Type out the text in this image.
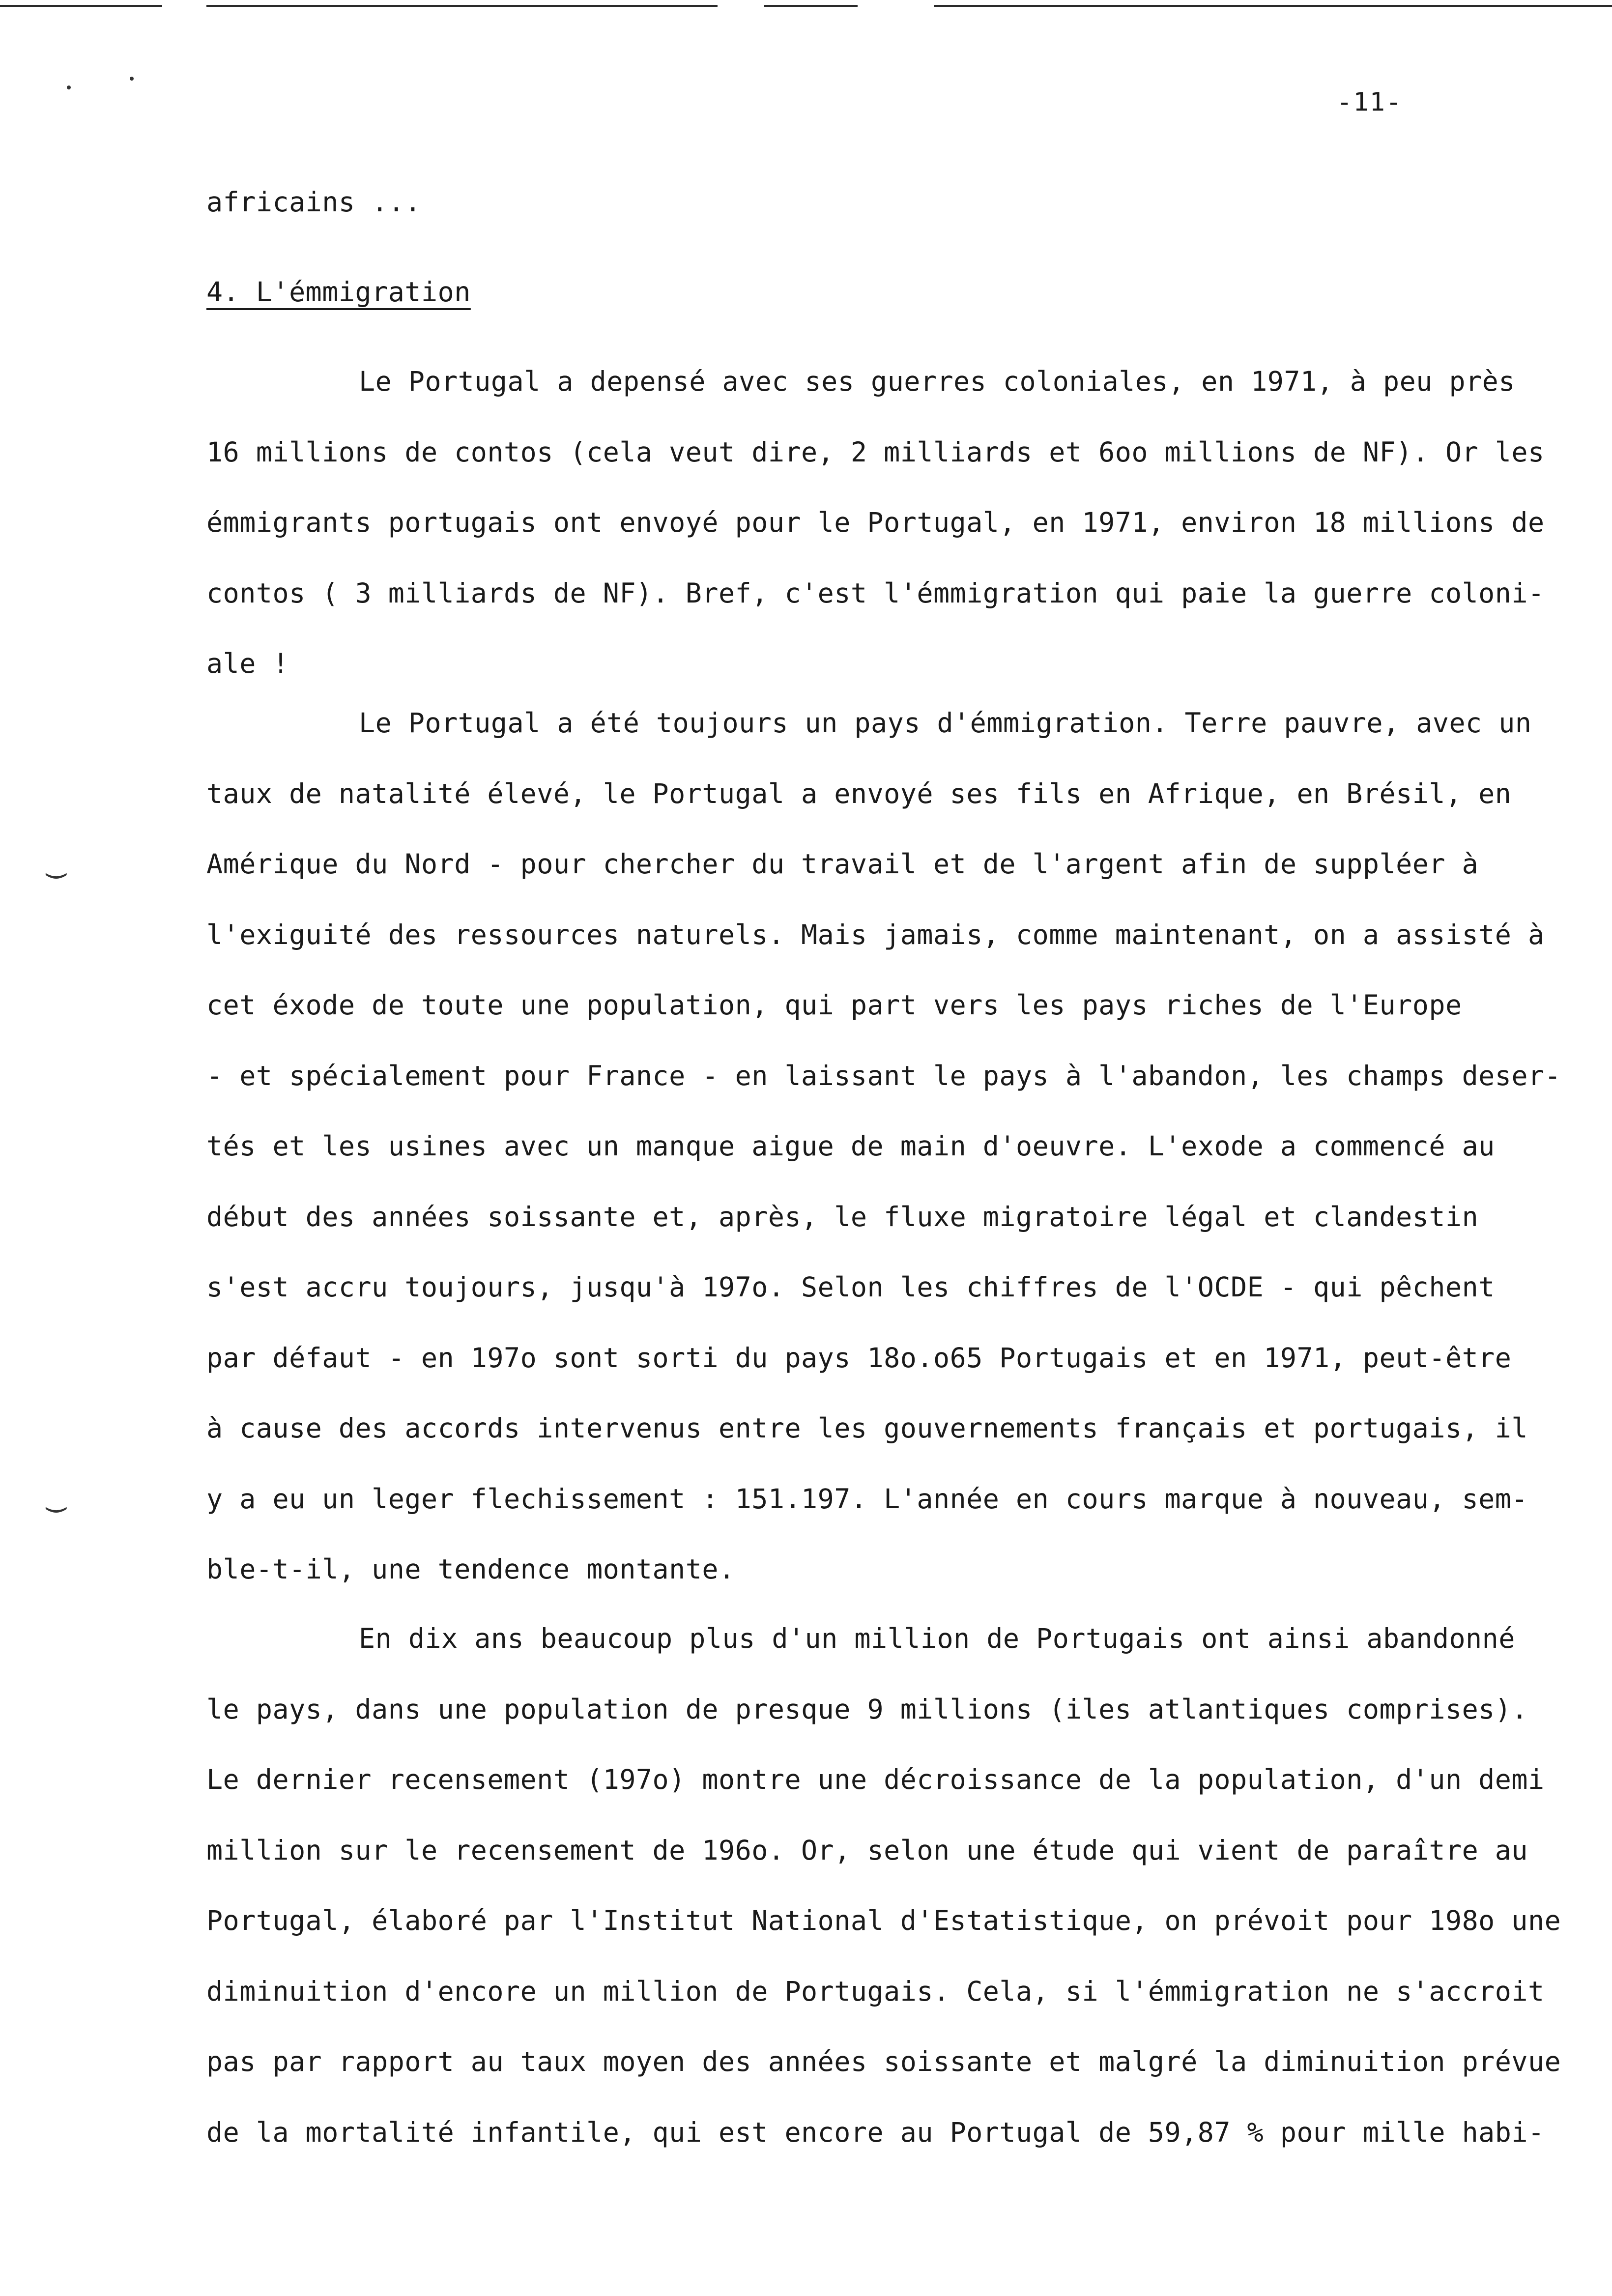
‿
‿
-11-
africains ...
4. L'émmigration
Le Portugal a depensé avec ses guerres coloniales, en 1971, à peu près
16 millions de contos (cela veut dire, 2 milliards et 6oo millions de NF). Or les
émmigrants portugais ont envoyé pour le Portugal, en 1971, environ 18 millions de
contos ( 3 milliards de NF). Bref, c'est l'émmigration qui paie la guerre coloni-
ale !
Le Portugal a été toujours un pays d'émmigration. Terre pauvre, avec un
taux de natalité élevé, le Portugal a envoyé ses fils en Afrique, en Brésil, en
Amérique du Nord - pour chercher du travail et de l'argent afin de suppléer à
l'exiguité des ressources naturels. Mais jamais, comme maintenant, on a assisté à
cet éxode de toute une population, qui part vers les pays riches de l'Europe
- et spécialement pour France - en laissant le pays à l'abandon, les champs deser-
tés et les usines avec un manque aigue de main d'oeuvre. L'exode a commencé au
début des années soissante et, après, le fluxe migratoire légal et clandestin
s'est accru toujours, jusqu'à 197o. Selon les chiffres de l'OCDE - qui pêchent
par défaut - en 197o sont sorti du pays 18o.o65 Portugais et en 1971, peut-être
à cause des accords intervenus entre les gouvernements français et portugais, il
y a eu un leger flechissement : 151.197. L'année en cours marque à nouveau, sem-
ble-t-il, une tendence montante.
En dix ans beaucoup plus d'un million de Portugais ont ainsi abandonné
le pays, dans une population de presque 9 millions (iles atlantiques comprises).
Le dernier recensement (197o) montre une décroissance de la population, d'un demi
million sur le recensement de 196o. Or, selon une étude qui vient de paraître au
Portugal, élaboré par l'Institut National d'Estatistique, on prévoit pour 198o une
diminuition d'encore un million de Portugais. Cela, si l'émmigration ne s'accroit
pas par rapport au taux moyen des années soissante et malgré la diminuition prévue
de la mortalité infantile, qui est encore au Portugal de 59,87 % pour mille habi-
